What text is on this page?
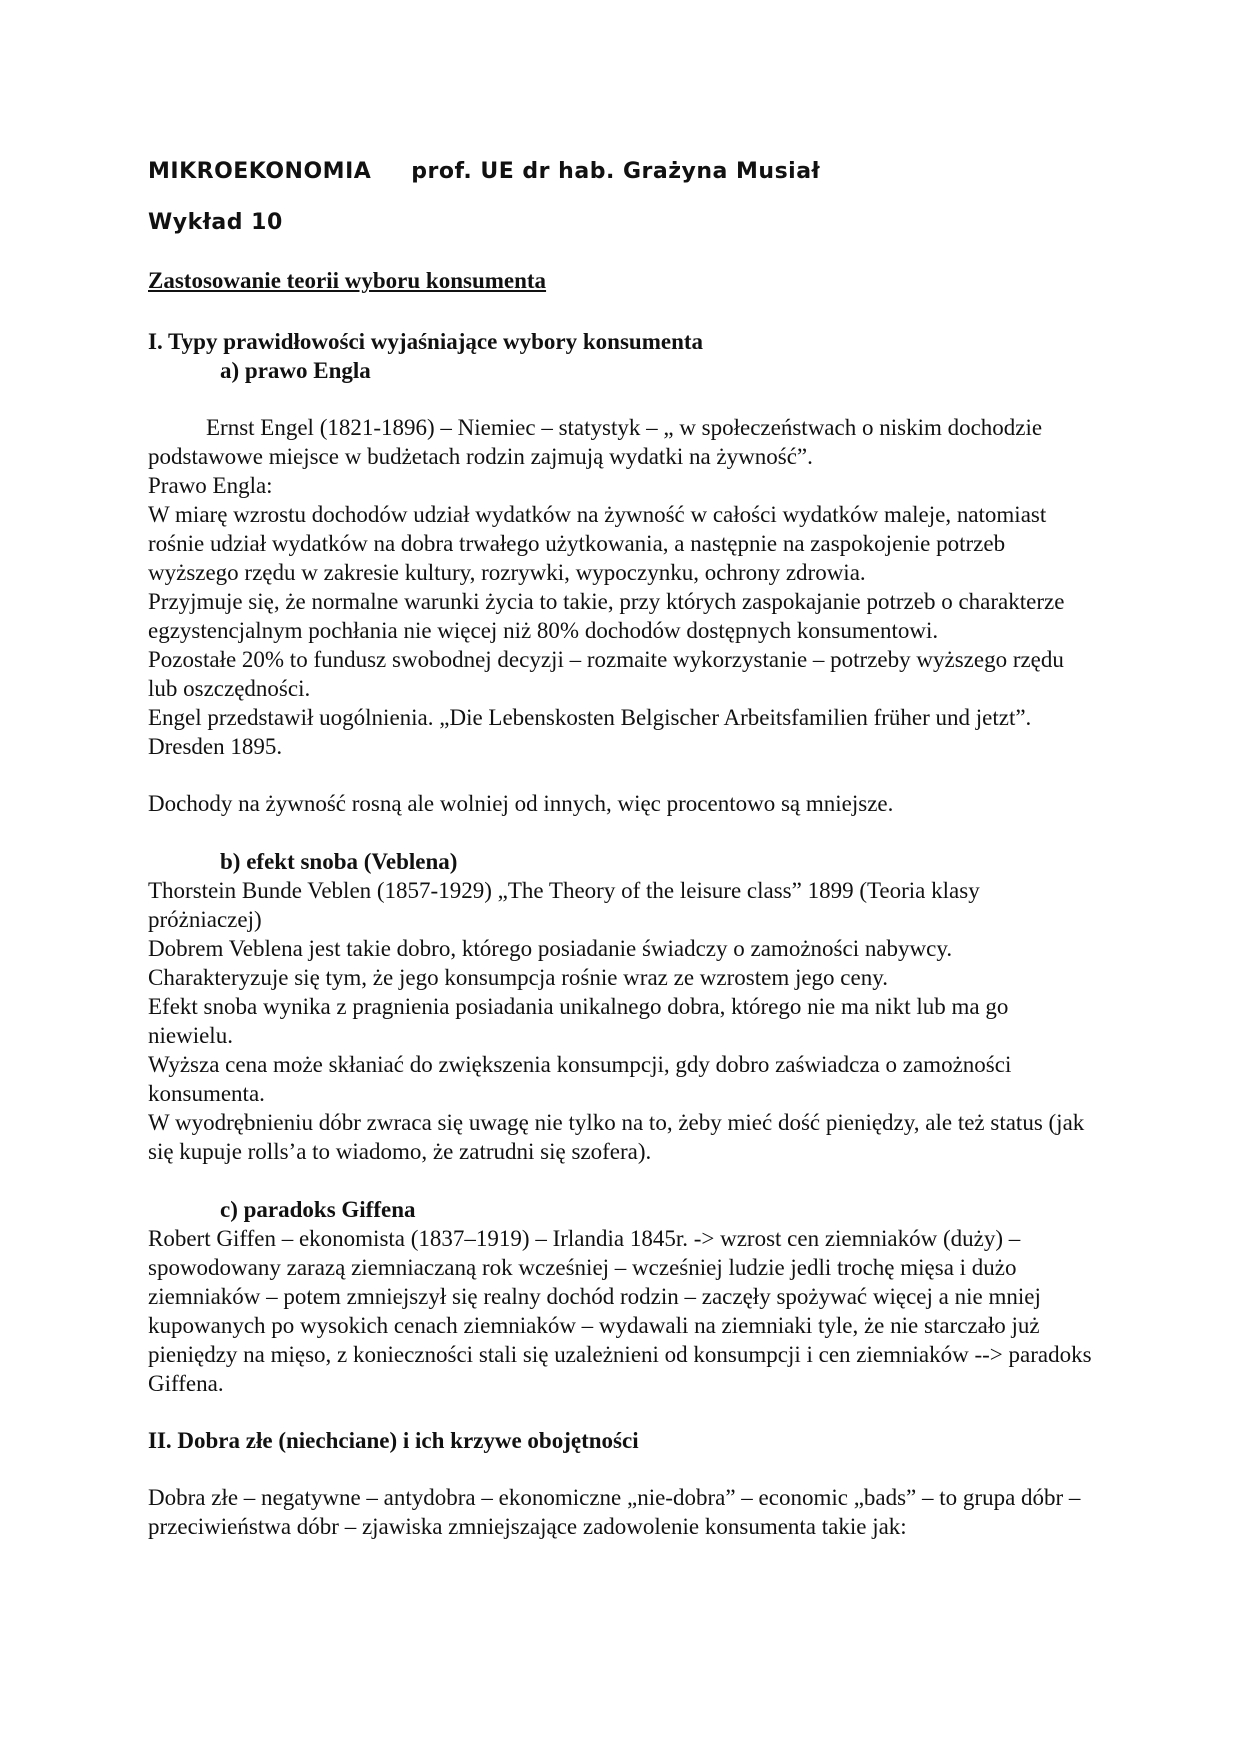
MIKROEKONOMIA prof. UE dr hab. Grażyna Musiał
Wykład 10
Zastosowanie teorii wyboru konsumenta
I. Typy prawidłowości wyjaśniające wybory konsumenta
a) prawo Engla

Ernst Engel (1821-1896) – Niemiec – statystyk – „ w społeczeństwach o niskim dochodzie podstawowe miejsce w budżetach rodzin zajmują wydatki na żywność”.

Prawo Engla:

W miarę wzrostu dochodów udział wydatków na żywność w całości wydatków maleje, natomiast rośnie udział wydatków na dobra trwałego użytkowania, a następnie na zaspokojenie potrzeb wyższego rzędu w zakresie kultury, rozrywki, wypoczynku, ochrony zdrowia.

Przyjmuje się, że normalne warunki życia to takie, przy których zaspokajanie potrzeb o charakterze egzystencjalnym pochłania nie więcej niż 80% dochodów dostępnych konsumentowi.

Pozostałe 20% to fundusz swobodnej decyzji – rozmaite wykorzystanie – potrzeby wyższego rzędu lub oszczędności.

Engel przedstawił uogólnienia. „Die Lebenskosten Belgischer Arbeitsfamilien früher und jetzt”. Dresden 1895.

Dochody na żywność rosną ale wolniej od innych, więc procentowo są mniejsze.

b) efekt snoba (Veblena)

Thorstein Bunde Veblen (1857-1929) „The Theory of the leisure class” 1899 (Teoria klasy próżniaczej)

Dobrem Veblena jest takie dobro, którego posiadanie świadczy o zamożności nabywcy.

Charakteryzuje się tym, że jego konsumpcja rośnie wraz ze wzrostem jego ceny.

Efekt snoba wynika z pragnienia posiadania unikalnego dobra, którego nie ma nikt lub ma go niewielu.

Wyższa cena może skłaniać do zwiększenia konsumpcji, gdy dobro zaświadcza o zamożności konsumenta.

W wyodrębnieniu dóbr zwraca się uwagę nie tylko na to, żeby mieć dość pieniędzy, ale też status (jak się kupuje rolls’a to wiadomo, że zatrudni się szofera).

c) paradoks Giffena

Robert Giffen – ekonomista (1837–1919) – Irlandia 1845r. -> wzrost cen ziemniaków (duży) – spowodowany zarazą ziemniaczaną rok wcześniej – wcześniej ludzie jedli trochę mięsa i dużo ziemniaków – potem zmniejszył się realny dochód rodzin – zaczęły spożywać więcej a nie mniej kupowanych po wysokich cenach ziemniaków – wydawali na ziemniaki tyle, że nie starczało już pieniędzy na mięso, z konieczności stali się uzależnieni od konsumpcji i cen ziemniaków --> paradoks Giffena.

II. Dobra złe (niechciane) i ich krzywe obojętności

Dobra złe – negatywne – antydobra – ekonomiczne „nie-dobra” – economic „bads” – to grupa dóbr – przeciwieństwa dóbr – zjawiska zmniejszające zadowolenie konsumenta takie jak:
